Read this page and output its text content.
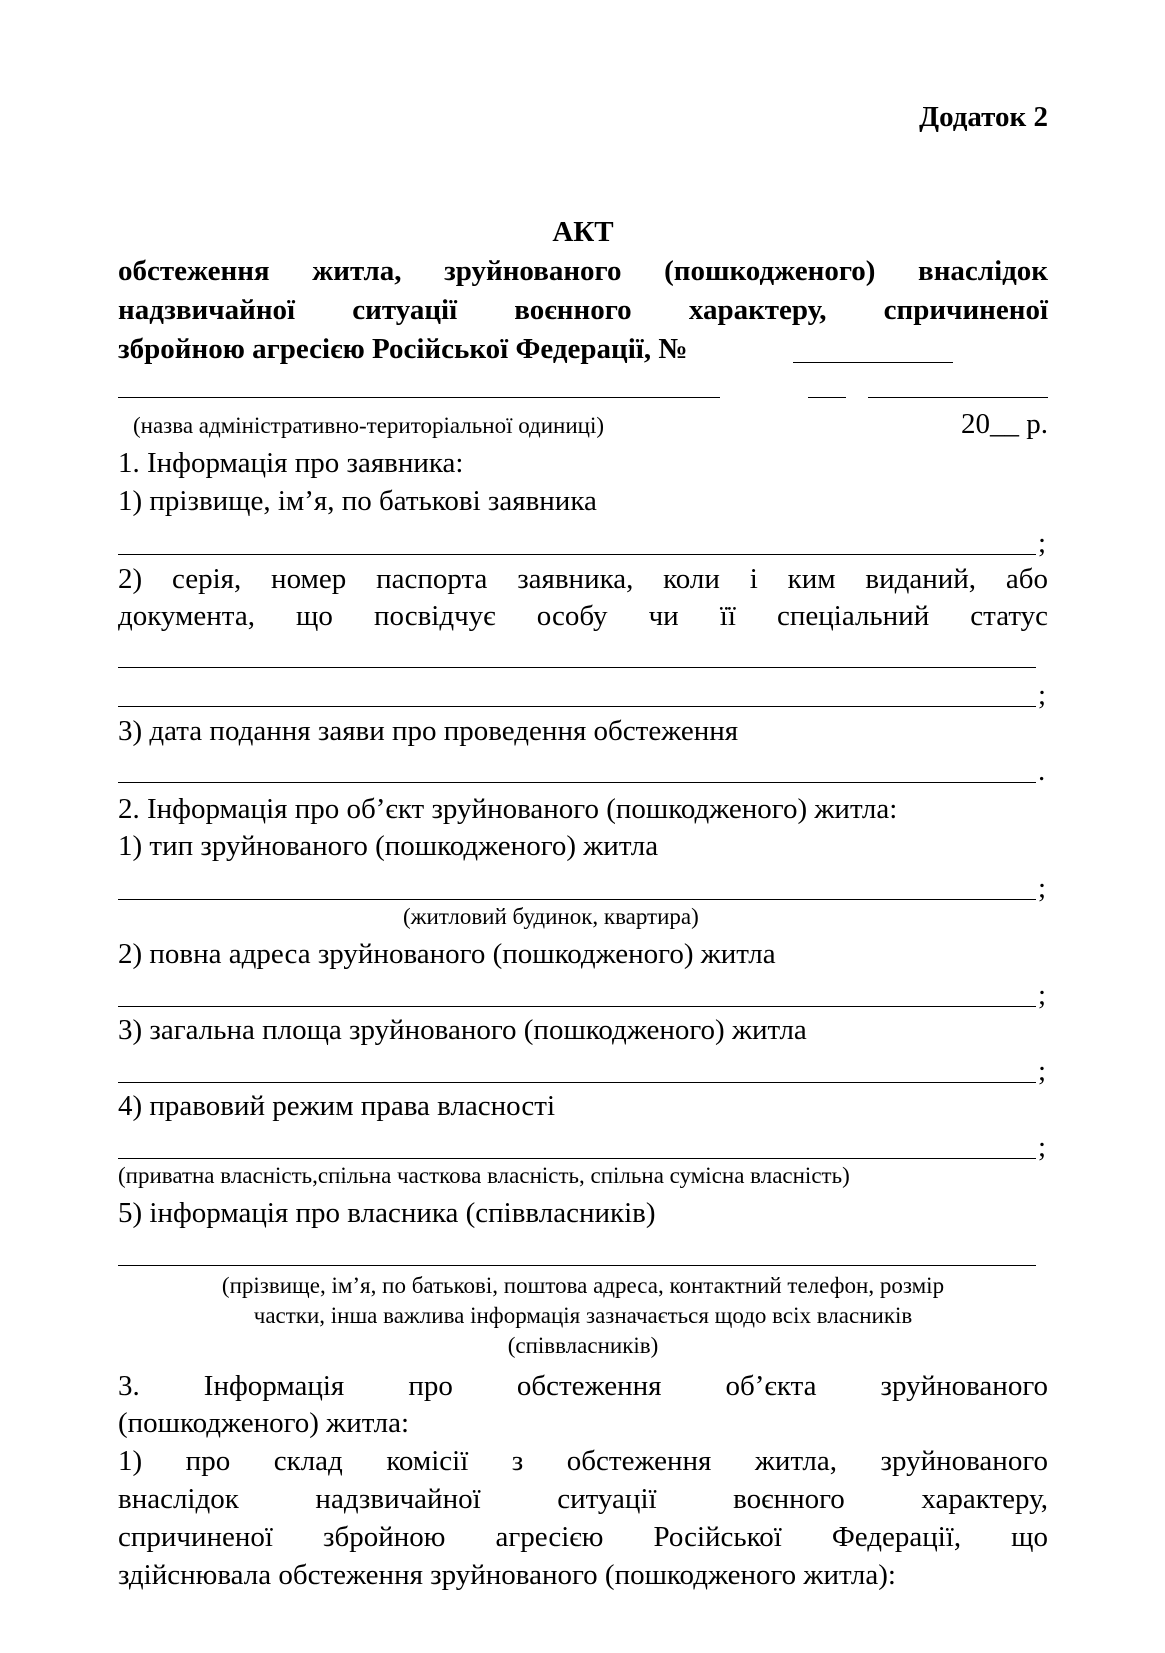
Додаток 2
АКТ
обстеження житла, зруйнованого (пошкодженого) внаслідок
надзвичайної ситуації воєнного характеру, спричиненої
збройною агресією Російської Федерації, №
(назва адміністративно-територіальної одиниці)	20__ р.
1. Інформація про заявника:
1) прізвище, ім’я, по батькові заявника
;
2) серія, номер паспорта заявника, коли і ким виданий, або
документа, що посвідчує особу чи її спеціальний статус
;
3) дата подання заяви про проведення обстеження
.
2. Інформація про об’єкт зруйнованого (пошкодженого) житла:
1) тип зруйнованого (пошкодженого) житла
;
(житловий будинок, квартира)
2) повна адреса зруйнованого (пошкодженого) житла
;
3) загальна площа зруйнованого (пошкодженого) житла
;
4) правовий режим права власності
;
(приватна власність,спільна часткова власність, спільна сумісна власність)
5) інформація про власника (співвласників)
(прізвище, ім’я, по батькові, поштова адреса, контактний телефон, розмір
частки, інша важлива інформація зазначається щодо всіх власників
(співвласників)
3. Інформація про обстеження об’єкта зруйнованого
(пошкодженого) житла:
1) про склад комісії з обстеження житла, зруйнованого
внаслідок надзвичайної ситуації воєнного характеру,
спричиненої збройною агресією Російської Федерації, що
здійснювала обстеження зруйнованого (пошкодженого житла):
